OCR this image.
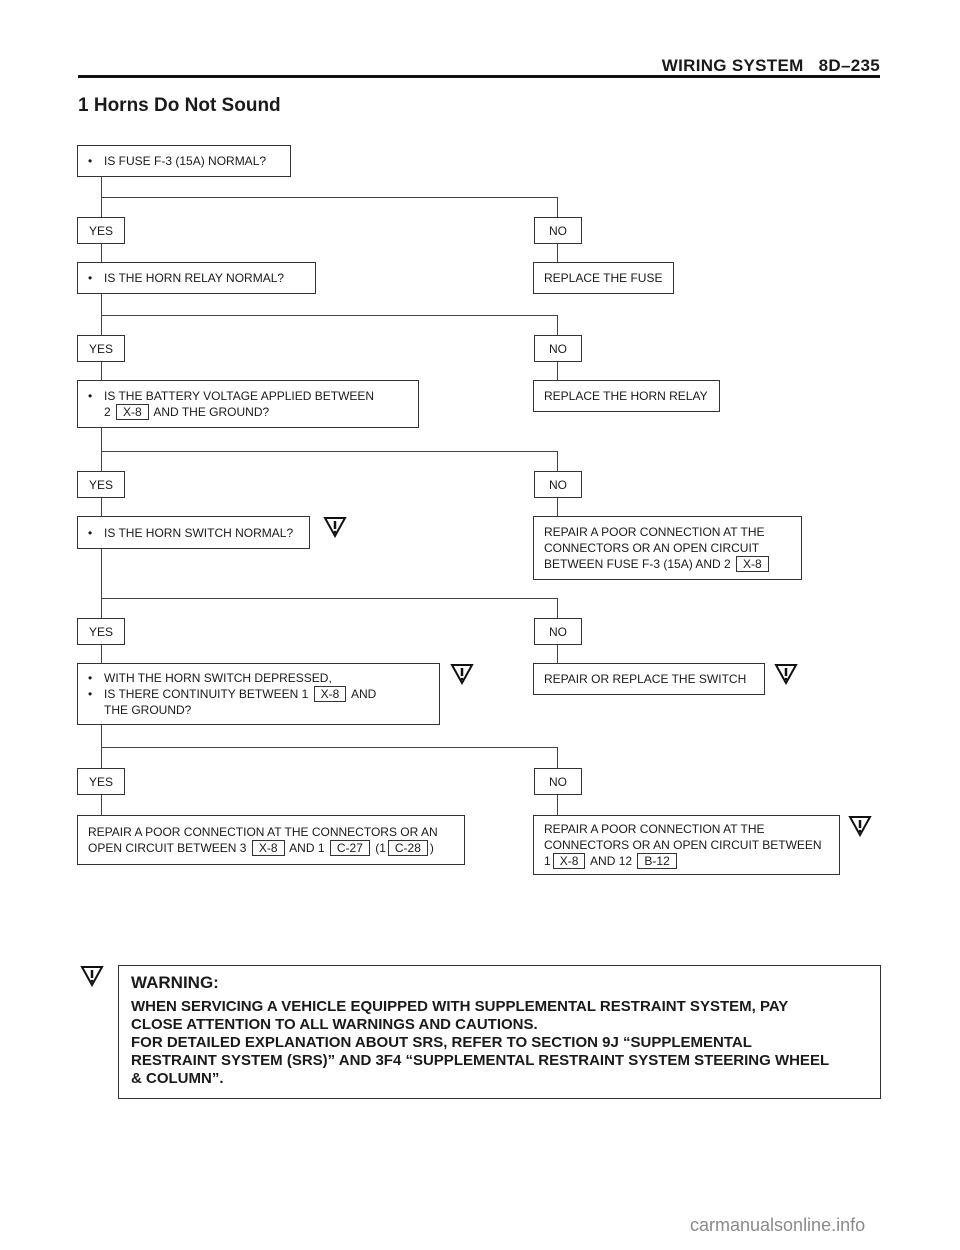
WIRING SYSTEM 8D–235
1 Horns Do Not Sound
• IS FUSE F-3 (15A) NORMAL?
YES	NO
REPLACE THE FUSE
• IS THE HORN RELAY NORMAL?
YES	NO
REPLACE THE HORN RELAY
• IS THE BATTERY VOLTAGE APPLIED BETWEEN
2 X-8 AND THE GROUND?
YES	NO
REPAIR A POOR CONNECTION AT THE
CONNECTORS OR AN OPEN CIRCUIT
BETWEEN FUSE F-3 (15A) AND 2 X-8
• IS THE HORN SWITCH NORMAL?
YES	NO
REPAIR OR REPLACE THE SWITCH
• WITH THE HORN SWITCH DEPRESSED,
• IS THERE CONTINUITY BETWEEN 1 X-8 AND
THE GROUND?
YES	NO
REPAIR A POOR CONNECTION AT THE CONNECTORS OR AN
OPEN CIRCUIT BETWEEN 3 X-8 AND 1 C-27 (1 C-28 )
REPAIR A POOR CONNECTION AT THE
CONNECTORS OR AN OPEN CIRCUIT BETWEEN
1 X-8 AND 12 B-12
WARNING:
WHEN SERVICING A VEHICLE EQUIPPED WITH SUPPLEMENTAL RESTRAINT SYSTEM, PAY
CLOSE ATTENTION TO ALL WARNINGS AND CAUTIONS.
FOR DETAILED EXPLANATION ABOUT SRS, REFER TO SECTION 9J “SUPPLEMENTAL
RESTRAINT SYSTEM (SRS)” AND 3F4 “SUPPLEMENTAL RESTRAINT SYSTEM STEERING WHEEL
& COLUMN”.
carmanualsonline.info
